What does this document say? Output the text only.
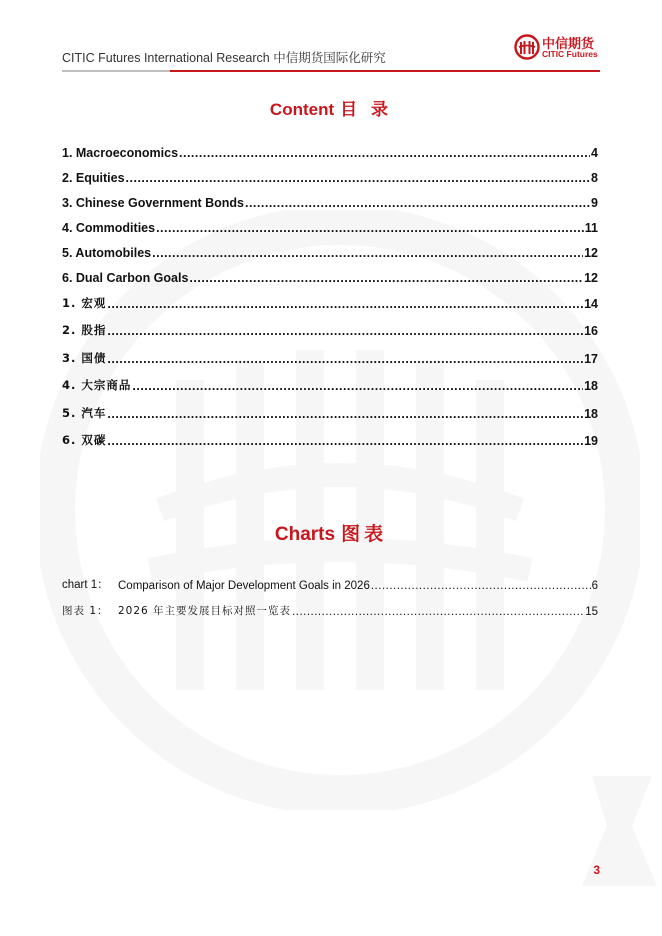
CITIC Futures International Research 中信期货国际化研究
中信期货
CITIC Futures
Content 目 录
1. Macroeconomics .....	4
2. Equities .....	8
3. Chinese Government Bonds .....	9
4. Commodities .....	11
5. Automobiles .....	12
6. Dual Carbon Goals .....	12
1. 宏观 .....	14
2. 股指 .....	16
3. 国债 .....	17
4. 大宗商品 .....	18
5. 汽车 .....	18
6. 双碳 .....	19
Charts 图表
chart 1： Comparison of Major Development Goals in 2026 .....	6
图表 1： 2026 年主要发展目标对照一览表 .....	15
3
